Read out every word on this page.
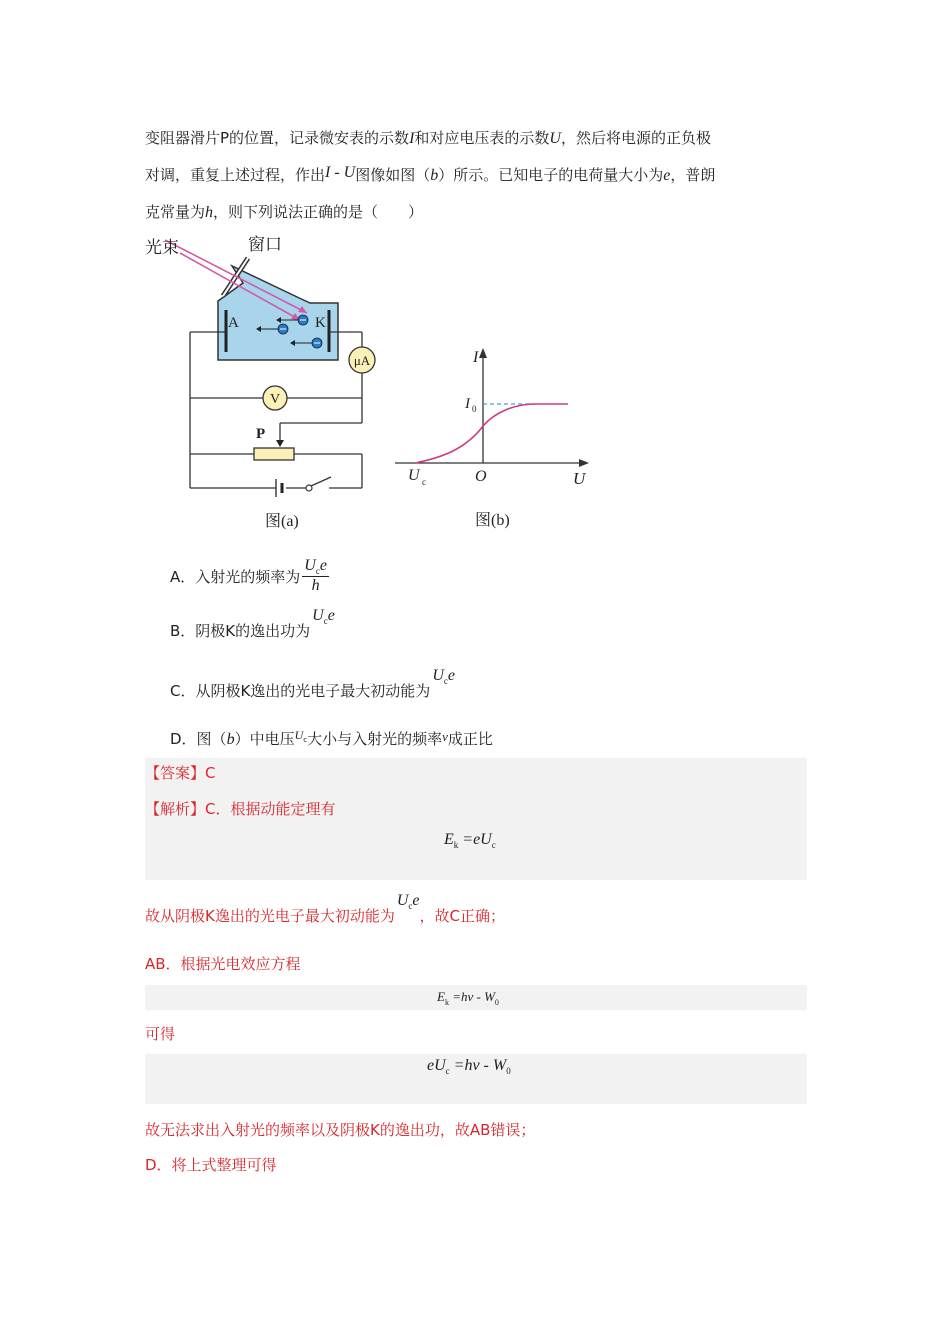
变阻器滑片P的位置，记录微安表的示数I和对应电压表的示数U，然后将电源的正负极
对调，重复上述过程，作出I - U图像如图（b）所示。已知电子的电荷量大小为e，普朗
克常量为h，则下列说法正确的是（　　）
A	K
μA
V
P
光束	窗口
图(a)
I
U
I 0
U c	O
图(b)
A．入射光的频率为 $\frac{U_ce}{h}$
B．阴极K的逸出功为$U_ce$
C．从阴极K逸出的光电子最大初动能为$U_ce$
D．图（b）中电压$^U$c大小与入射光的频率ν成正比
【答案】C
【解析】C．根据动能定理有
$E_k =eU_c$
故从阴极K逸出的光电子最大初动能为$U_ce$，故C正确；
AB．根据光电效应方程
$E_k =h\nu - W_0$
可得
$eU_c =h\nu - W_0$
故无法求出入射光的频率以及阴极K的逸出功，故AB错误；
D．将上式整理可得
